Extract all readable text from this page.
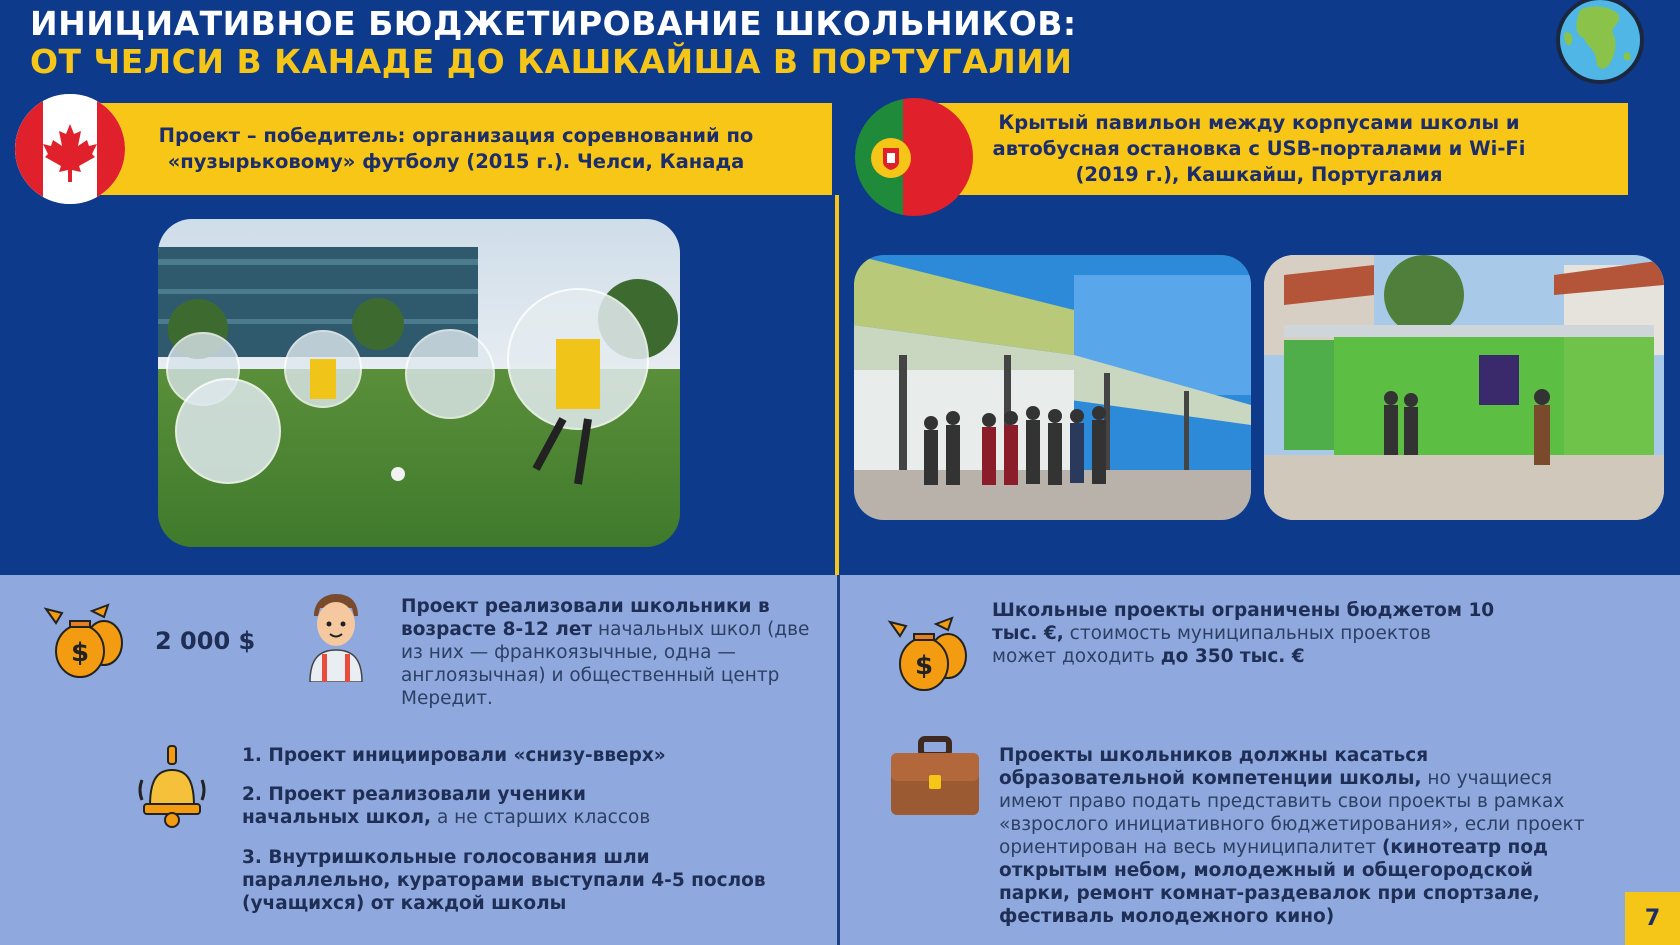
ИНИЦИАТИВНОЕ БЮДЖЕТИРОВАНИЕ ШКОЛЬНИКОВ:
ОТ ЧЕЛСИ В КАНАДЕ ДО КАШКАЙША В ПОРТУГАЛИИ
Проект – победитель: организация соревнований по
«пузырьковому» футболу (2015 г.). Челси, Канада
Крытый павильон между корпусами школы и
автобусная остановка с USB-порталами и Wi-Fi
(2019 г.), Кашкайш, Португалия
$	2 000 $
Проект реализовали школьники в возрасте 8-12 лет начальных школ (две из них — франкоязычные, одна — англоязычная) и общественный центр Мередит.
1. Проект инициировали «снизу-вверх»
2. Проект реализовали ученики начальных школ, а не старших классов
3. Внутришкольные голосования шли параллельно, кураторами выступали 4-5 послов (учащихся) от каждой школы
$
Школьные проекты ограничены бюджетом 10 тыс. €, стоимость муниципальных проектов может доходить до 350 тыс. €
Проекты школьников должны касаться образовательной компетенции школы, но учащиеся имеют право подать представить свои проекты в рамках «взрослого инициативного бюджетирования», если проект ориентирован на весь муниципалитет (кинотеатр под открытым небом, молодежный и общегородской парки, ремонт комнат-раздевалок при спортзале, фестиваль молодежного кино)	7
